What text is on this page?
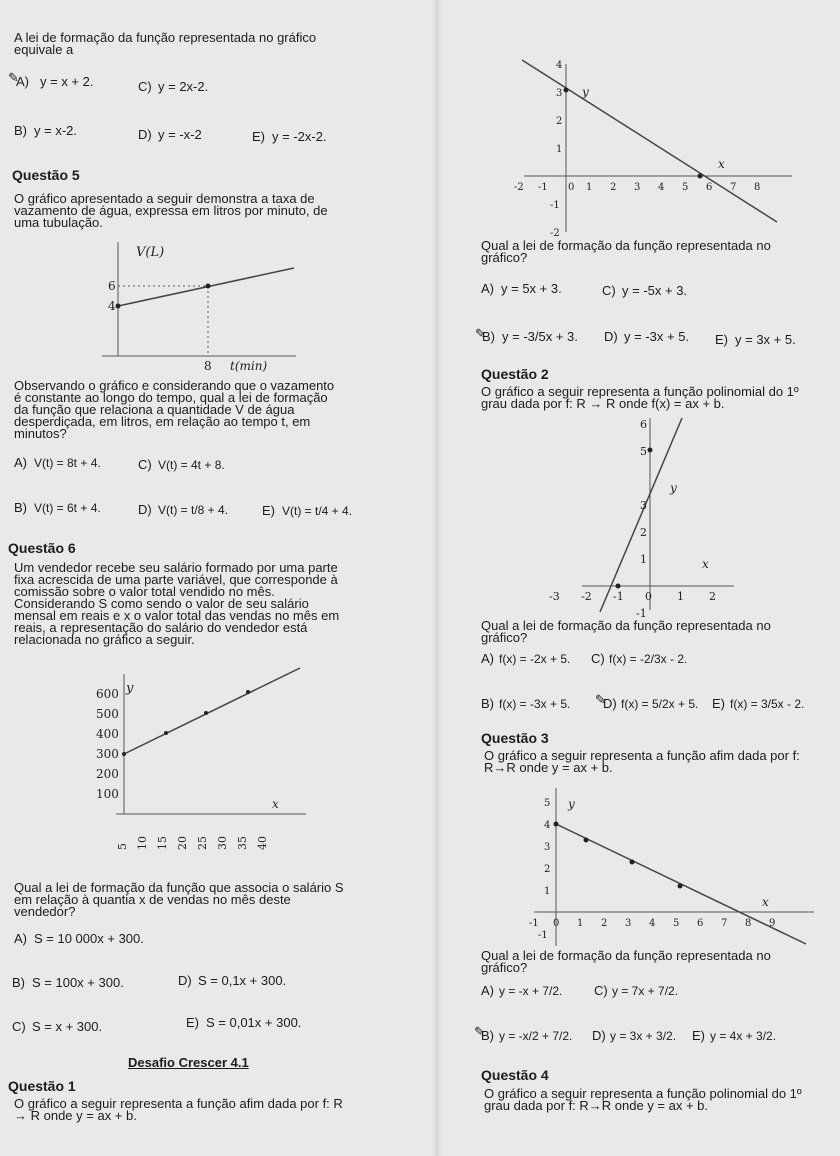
A lei de formação da função representada no gráfico
equivale a
✎
A) y = x + 2.	C) y = 2x-2.
B) y = x-2.	D) y = -x-2	E) y = -2x-2.
Questão 5
O gráfico apresentado a seguir demonstra a taxa de
vazamento de água, expressa em litros por minuto, de
uma tubulação.
V(L)
6
4
8 t(min)
Observando o gráfico e considerando que o vazamento
é constante ao longo do tempo, qual a lei de formação
da função que relaciona a quantidade V de água
desperdiçada, em litros, em relação ao tempo t, em
minutos?
A) V(t) = 8t + 4.	C) V(t) = 4t + 8.
B) V(t) = 6t + 4.	D) V(t) = t/8 + 4.	E) V(t) = t/4 + 4.
Questão 6
Um vendedor recebe seu salário formado por uma parte
fixa acrescida de uma parte variável, que corresponde à
comissão sobre o valor total vendido no mês.
Considerando S como sendo o valor de seu salário
mensal em reais e x o valor total das vendas no mês em
reais, a representação do salário do vendedor está
relacionada no gráfico a seguir.
y
x
100
200
300
400
500
600
5 10 15 20 25 30 35 40
Qual a lei de formação da função que associa o salário S
em relação à quantia x de vendas no mês deste
vendedor?
A) S = 10 000x + 300.
B) S = 100x + 300.	D) S = 0,1x + 300.
C) S = x + 300.	E) S = 0,01x + 300.
Desafio Crescer 4.1
Questão 1
O gráfico a seguir representa a função afim dada por f: R
→ R onde y = ax + b.
y
x
-2 -1 0 1 2 3 4 5 6 7 8
-2
-1
1
2
3
4
Qual a lei de formação da função representada no
gráfico?
A) y = 5x + 3.	C) y = -5x + 3.
✎
B) y = -3/5x + 3. D) y = -3x + 5. E) y = 3x + 5.
Questão 2
O gráfico a seguir representa a função polinomial do 1º
grau dada por f: R → R onde f(x) = ax + b.
y
x
-1
1
2
3
5
6
-3 -2 -1 0 1 2
Qual a lei de formação da função representada no
gráfico?
A) f(x) = -2x + 5. C) f(x) = -2/3x - 2.
B) f(x) = -3x + 5. ✎
D) f(x) = 5/2x + 5. E) f(x) = 3/5x - 2.
Questão 3
O gráfico a seguir representa a função afim dada por f:
R→R onde y = ax + b.
y
x
-1
1
2
3
4
5
-1 0 1 2 3 4 5 6 7 8 9
Qual a lei de formação da função representada no
gráfico?
A) y = -x + 7/2. C) y = 7x + 7/2.
✎
B) y = -x/2 + 7/2. D) y = 3x + 3/2. E) y = 4x + 3/2.
Questão 4
O gráfico a seguir representa a função polinomial do 1º
grau dada por f: R→R onde y = ax + b.
